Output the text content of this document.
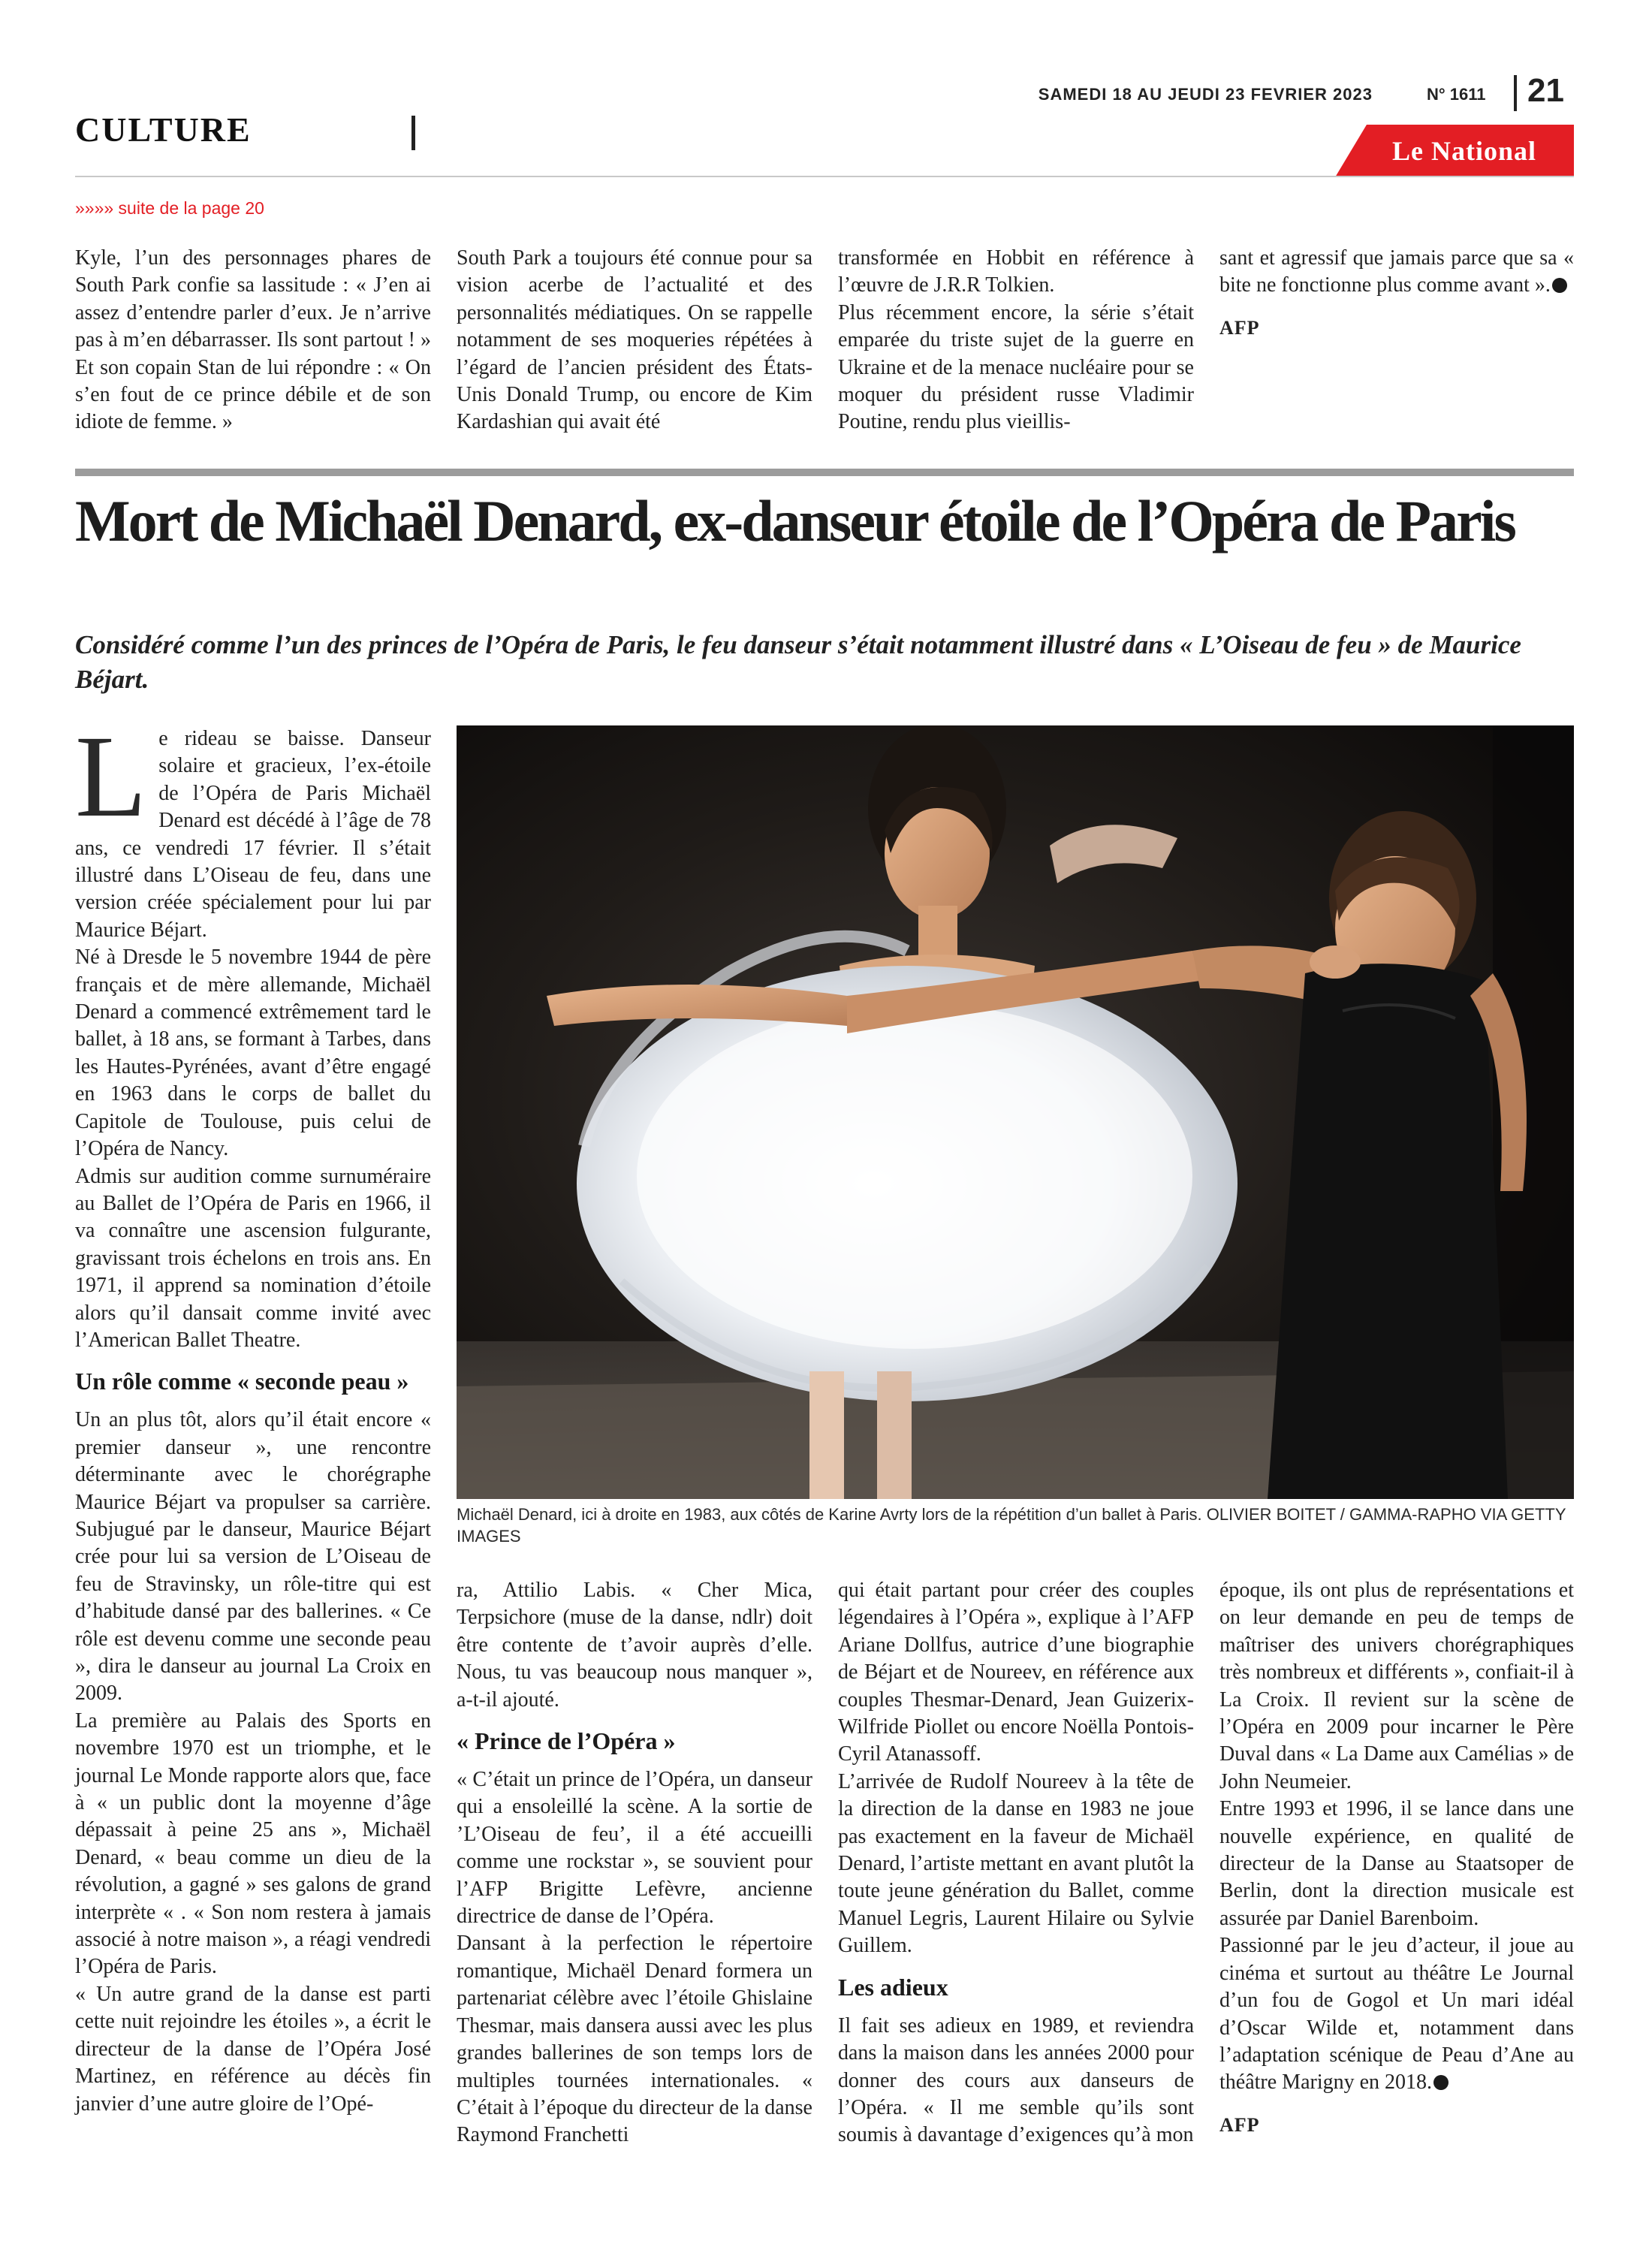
SAMEDI 18 AU JEUDI 23 FEVRIER 2023	N° 1611 21
CULTURE
Le National
»»»» suite de la page 20

Kyle, l’un des personnages phares de South Park confie sa lassitude : « J’en ai assez d’entendre parler d’eux. Je n’arrive pas à m’en débarrasser. Ils sont partout ! » Et son copain Stan de lui répondre : « On s’en fout de ce prince débile et de son idiote de femme. »

South Park a toujours été connue pour sa vision acerbe de l’actualité et des personnalités médiatiques. On se rappelle notamment de ses moqueries répétées à l’égard de l’ancien président des États-Unis Donald Trump, ou encore de Kim Kardashian qui avait été

transformée en Hobbit en référence à l’œuvre de J.R.R Tolkien.

Plus récemment encore, la série s’était emparée du triste sujet de la guerre en Ukraine et de la menace nucléaire pour se moquer du président russe Vladimir Poutine, rendu plus vieillis-

sant et agressif que jamais parce que sa « bite ne fonctionne plus comme avant ».

AFP

Mort de Michaël Denard, ex-danseur étoile de l’Opéra de Paris
Considéré comme l’un des princes de l’Opéra de Paris, le feu danseur s’était notamment illustré dans « L’Oiseau de feu » de Maurice Béjart.

Le rideau se baisse. Danseur solaire et gracieux, l’ex-étoile de l’Opéra de Paris Michaël Denard est décédé à l’âge de 78 ans, ce vendredi 17 février. Il s’était illustré dans L’Oiseau de feu, dans une version créée spécialement pour lui par Maurice Béjart.

Né à Dresde le 5 novembre 1944 de père français et de mère allemande, Michaël Denard a commencé extrêmement tard le ballet, à 18 ans, se formant à Tarbes, dans les Hautes-Pyrénées, avant d’être engagé en 1963 dans le corps de ballet du Capitole de Toulouse, puis celui de l’Opéra de Nancy.

Admis sur audition comme surnuméraire au Ballet de l’Opéra de Paris en 1966, il va connaître une ascension fulgurante, gravissant trois échelons en trois ans. En 1971, il apprend sa nomination d’étoile alors qu’il dansait comme invité avec l’American Ballet Theatre.

Un rôle comme « seconde peau »

Un an plus tôt, alors qu’il était encore « premier danseur », une rencontre déterminante avec le chorégraphe Maurice Béjart va propulser sa carrière. Subjugué par le danseur, Maurice Béjart crée pour lui sa version de L’Oiseau de feu de Stravinsky, un rôle-titre qui est d’habitude dansé par des ballerines. « Ce rôle est devenu comme une seconde peau », dira le danseur au journal La Croix en 2009.

La première au Palais des Sports en novembre 1970 est un triomphe, et le journal Le Monde rapporte alors que, face à « un public dont la moyenne d’âge dépassait à peine 25 ans », Michaël Denard, « beau comme un dieu de la révolution, a gagné » ses galons de grand interprète « . « Son nom restera à jamais associé à notre maison », a réagi vendredi l’Opéra de Paris.

« Un autre grand de la danse est parti cette nuit rejoindre les étoiles », a écrit le directeur de la danse de l’Opéra José Martinez, en référence au décès fin janvier d’une autre gloire de l’Opé-

Michaël Denard, ici à droite en 1983, aux côtés de Karine Avrty lors de la répétition d’un ballet à Paris. OLIVIER BOITET / GAMMA-RAPHO VIA GETTY IMAGES

ra, Attilio Labis. « Cher Mica, Terpsichore (muse de la danse, ndlr) doit être contente de t’avoir auprès d’elle. Nous, tu vas beaucoup nous manquer », a-t-il ajouté.

« Prince de l’Opéra »

« C’était un prince de l’Opéra, un danseur qui a ensoleillé la scène. A la sortie de ’L’Oiseau de feu’, il a été accueilli comme une rockstar », se souvient pour l’AFP Brigitte Lefèvre, ancienne directrice de danse de l’Opéra.

Dansant à la perfection le répertoire romantique, Michaël Denard formera un partenariat célèbre avec l’étoile Ghislaine Thesmar, mais dansera aussi avec les plus grandes ballerines de son temps lors de multiples tournées internationales. « C’était à l’époque du directeur de la danse Raymond Franchetti

qui était partant pour créer des couples légendaires à l’Opéra », explique à l’AFP Ariane Dollfus, autrice d’une biographie de Béjart et de Noureev, en référence aux couples Thesmar-Denard, Jean Guizerix-Wilfride Piollet ou encore Noëlla Pontois-Cyril Atanassoff.

L’arrivée de Rudolf Noureev à la tête de la direction de la danse en 1983 ne joue pas exactement en la faveur de Michaël Denard, l’artiste mettant en avant plutôt la toute jeune génération du Ballet, comme Manuel Legris, Laurent Hilaire ou Sylvie Guillem.

Les adieux

Il fait ses adieux en 1989, et reviendra dans la maison dans les années 2000 pour donner des cours aux danseurs de l’Opéra. « Il me semble qu’ils sont soumis à davantage d’exigences qu’à mon

époque, ils ont plus de représentations et on leur demande en peu de temps de maîtriser des univers chorégraphiques très nombreux et différents », confiait-il à La Croix. Il revient sur la scène de l’Opéra en 2009 pour incarner le Père Duval dans « La Dame aux Camélias » de John Neumeier.

Entre 1993 et 1996, il se lance dans une nouvelle expérience, en qualité de directeur de la Danse au Staatsoper de Berlin, dont la direction musicale est assurée par Daniel Barenboim.

Passionné par le jeu d’acteur, il joue au cinéma et surtout au théâtre Le Journal d’un fou de Gogol et Un mari idéal d’Oscar Wilde et, notamment dans l’adaptation scénique de Peau d’Ane au théâtre Marigny en 2018.

AFP
